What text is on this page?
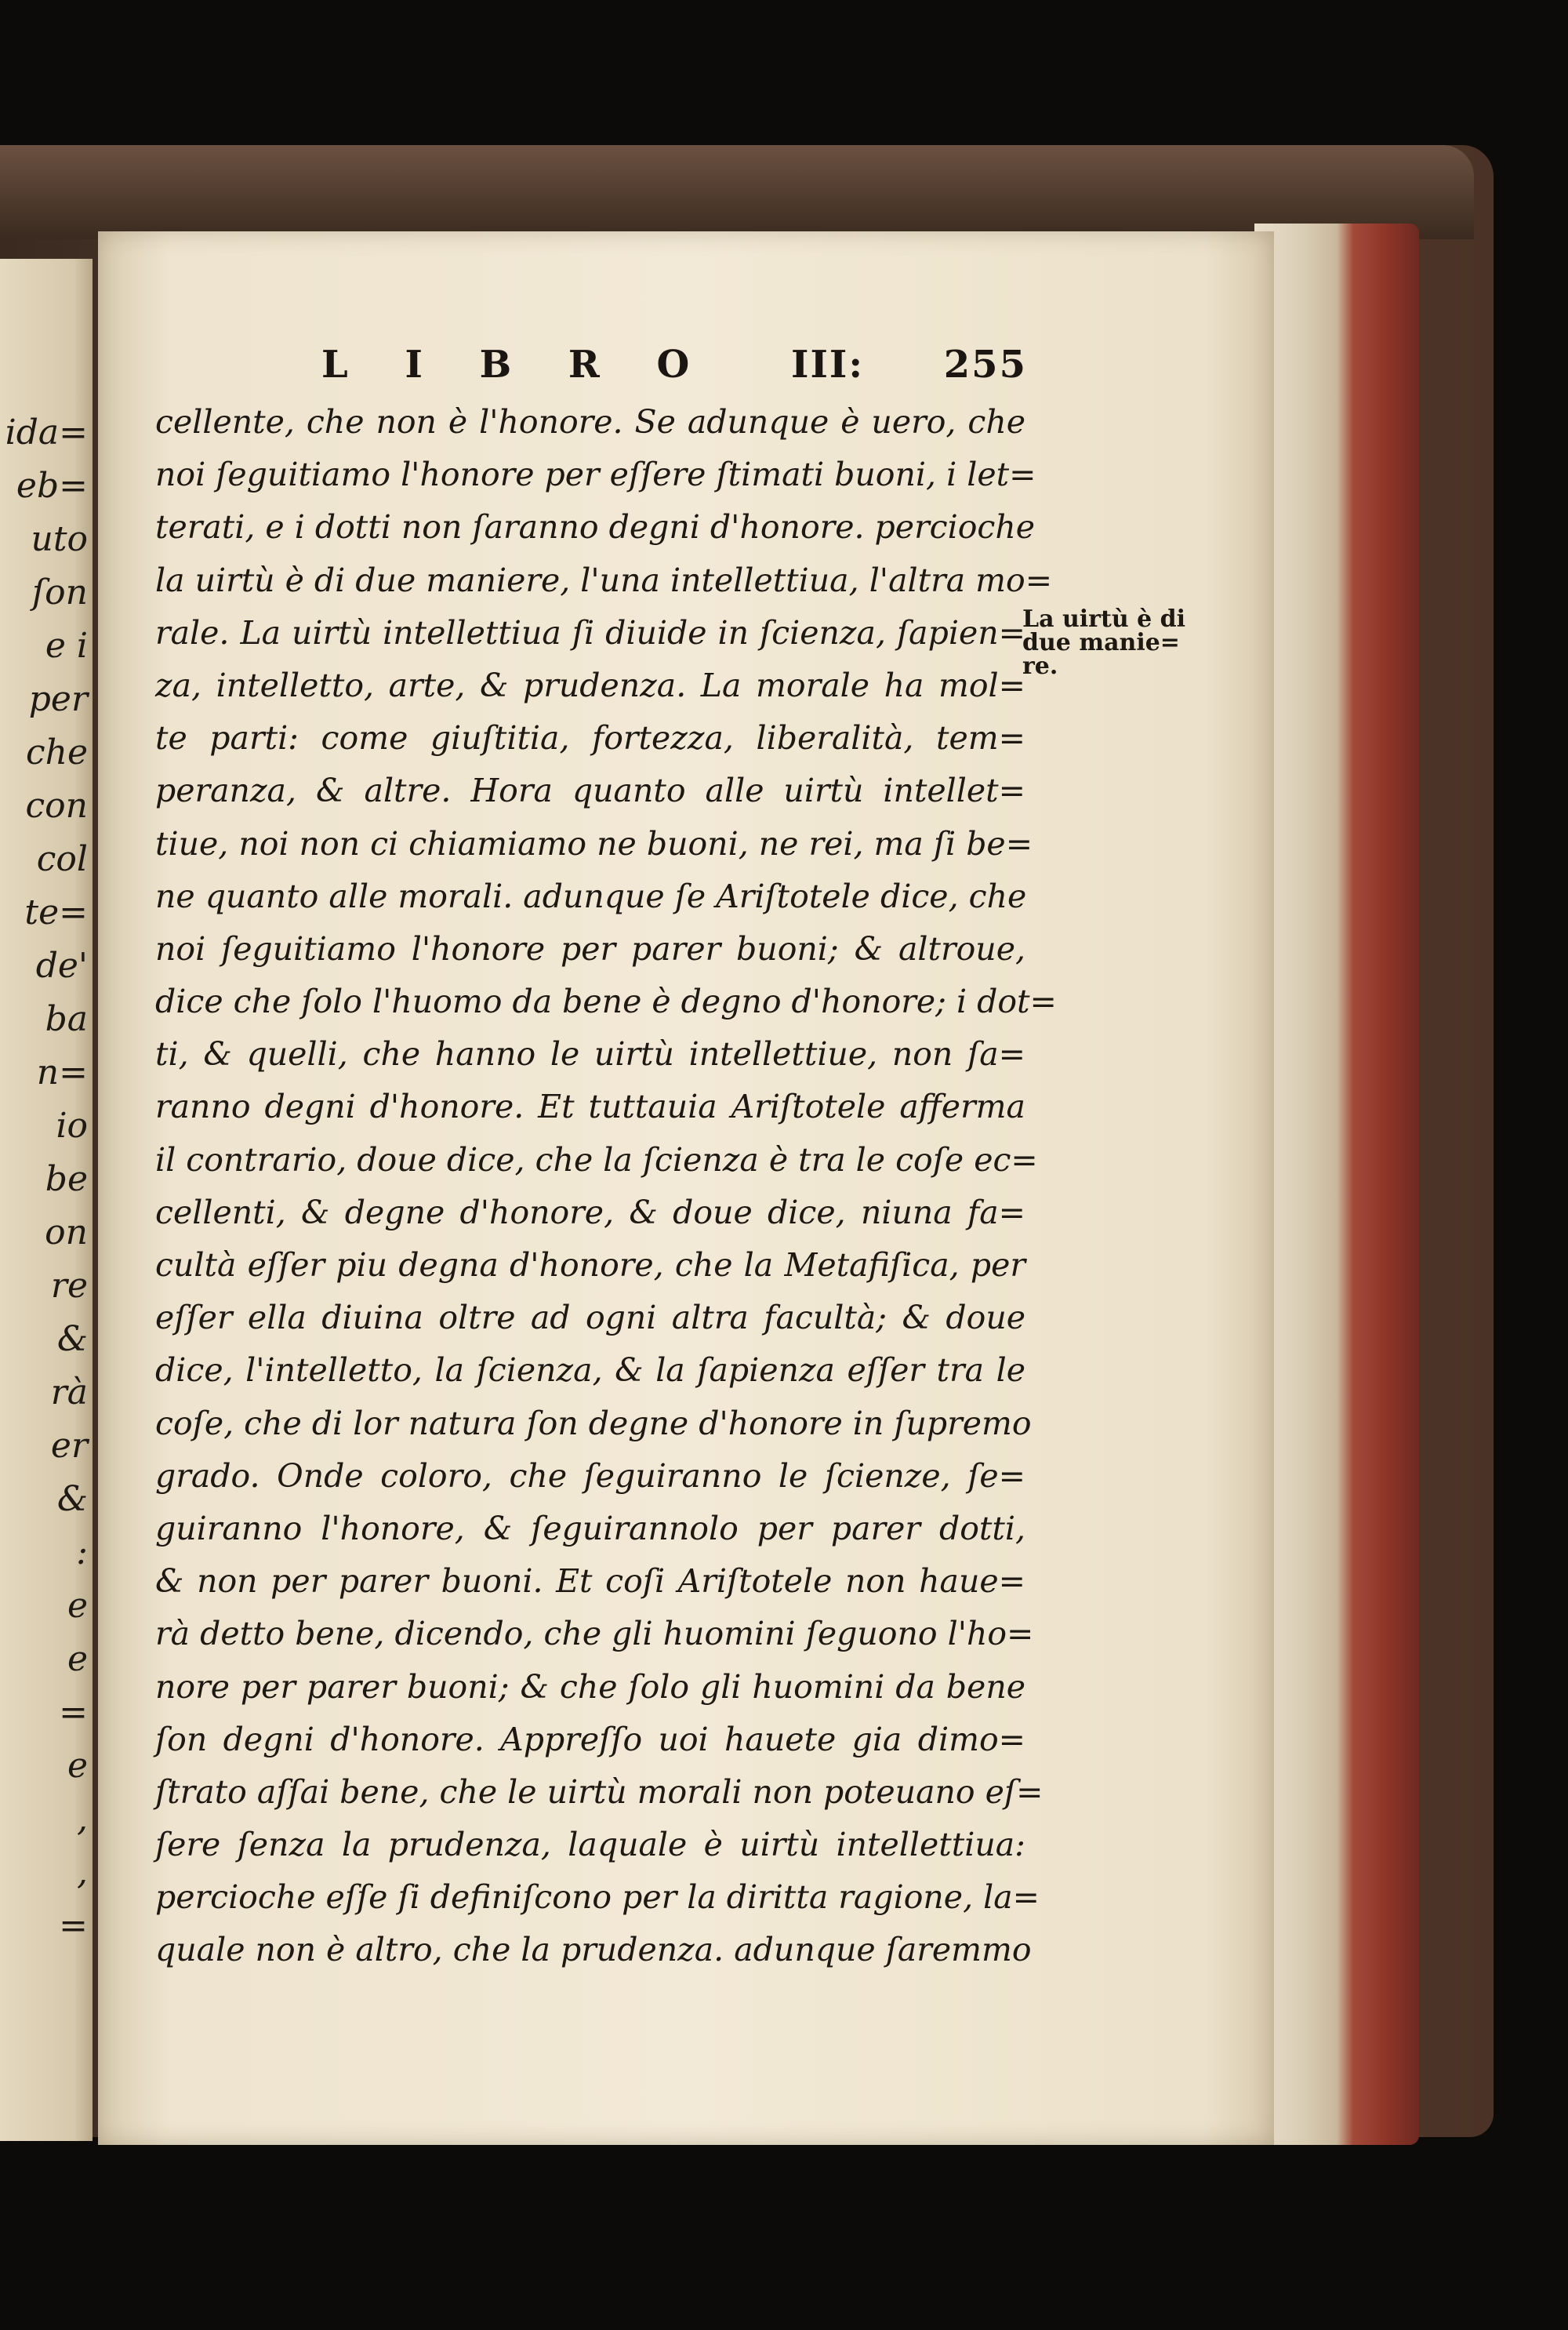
ida=
eb=
uto
ſon
e i
per
che
con
col
te=
de'
ba
n=
io
be
on
re
&
rà
er
&
:
e
e
=
e
,
,
=
L I B R O III: 255
cellente, che non è l'honore. Se adunque è uero, che
noi ſeguitiamo l'honore per eſſere ſtimati buoni, i let=
terati, e i dotti non ſaranno degni d'honore. percioche
la uirtù è di due maniere, l'una intellettiua, l'altra mo=
rale. La uirtù intellettiua ſi diuide in ſcienza, ſapien=
za, intelletto, arte, & prudenza. La morale ha mol=
te parti: come giuſtitia, fortezza, liberalità, tem=
peranza, & altre. Hora quanto alle uirtù intellet=
tiue, noi non ci chiamiamo ne buoni, ne rei, ma ſi be=
ne quanto alle morali. adunque ſe Ariſtotele dice, che
noi ſeguitiamo l'honore per parer buoni; & altroue,
dice che ſolo l'huomo da bene è degno d'honore; i dot=
ti, & quelli, che hanno le uirtù intellettiue, non ſa=
ranno degni d'honore. Et tuttauia Ariſtotele afferma
il contrario, doue dice, che la ſcienza è tra le coſe ec=
cellenti, & degne d'honore, & doue dice, niuna fa=
cultà eſſer piu degna d'honore, che la Metafiſica, per
eſſer ella diuina oltre ad ogni altra facultà; & doue
dice, l'intelletto, la ſcienza, & la ſapienza eſſer tra le
coſe, che di lor natura ſon degne d'honore in ſupremo
grado. Onde coloro, che ſeguiranno le ſcienze, ſe=
guiranno l'honore, & ſeguirannolo per parer dotti,
& non per parer buoni. Et coſi Ariſtotele non haue=
rà detto bene, dicendo, che gli huomini ſeguono l'ho=
nore per parer buoni; & che ſolo gli huomini da bene
ſon degni d'honore. Appreſſo uoi hauete gia dimo=
ſtrato aſſai bene, che le uirtù morali non poteuano eſ=
ſere ſenza la prudenza, laquale è uirtù intellettiua:
percioche eſſe ſi definiſcono per la diritta ragione, la=
quale non è altro, che la prudenza. adunque ſaremmo
La uirtù è di
due manie=
re.
